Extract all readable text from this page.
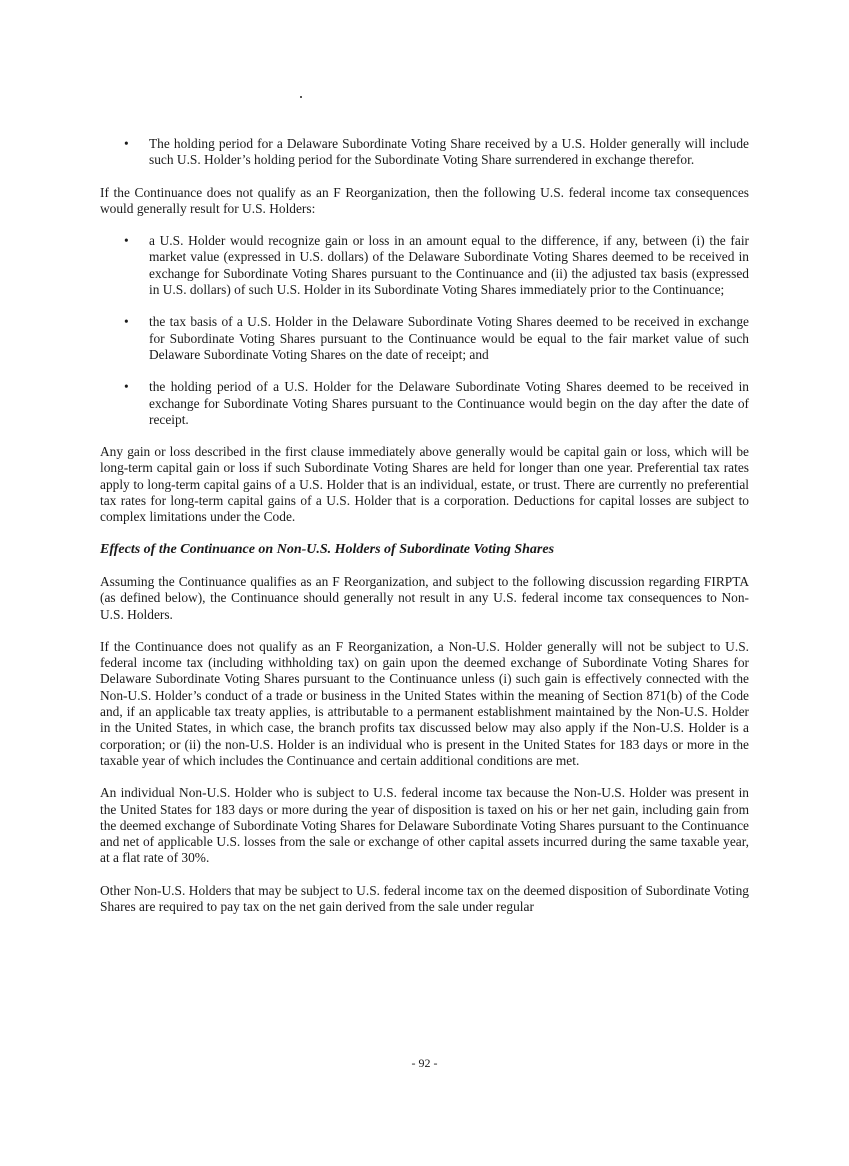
• The holding period for a Delaware Subordinate Voting Share received by a U.S. Holder generally will include such U.S. Holder’s holding period for the Subordinate Voting Share surrendered in exchange therefor.

If the Continuance does not qualify as an F Reorganization, then the following U.S. federal income tax consequences would generally result for U.S. Holders:

• a U.S. Holder would recognize gain or loss in an amount equal to the difference, if any, between (i) the fair market value (expressed in U.S. dollars) of the Delaware Subordinate Voting Shares deemed to be received in exchange for Subordinate Voting Shares pursuant to the Continuance and (ii) the adjusted tax basis (expressed in U.S. dollars) of such U.S. Holder in its Subordinate Voting Shares immediately prior to the Continuance;
• the tax basis of a U.S. Holder in the Delaware Subordinate Voting Shares deemed to be received in exchange for Subordinate Voting Shares pursuant to the Continuance would be equal to the fair market value of such Delaware Subordinate Voting Shares on the date of receipt; and
• the holding period of a U.S. Holder for the Delaware Subordinate Voting Shares deemed to be received in exchange for Subordinate Voting Shares pursuant to the Continuance would begin on the day after the date of receipt.

Any gain or loss described in the first clause immediately above generally would be capital gain or loss, which will be long-term capital gain or loss if such Subordinate Voting Shares are held for longer than one year. Preferential tax rates apply to long-term capital gains of a U.S. Holder that is an individual, estate, or trust. There are currently no preferential tax rates for long-term capital gains of a U.S. Holder that is a corporation. Deductions for capital losses are subject to complex limitations under the Code.

Effects of the Continuance on Non-U.S. Holders of Subordinate Voting Shares

Assuming the Continuance qualifies as an F Reorganization, and subject to the following discussion regarding FIRPTA (as defined below), the Continuance should generally not result in any U.S. federal income tax consequences to Non-U.S. Holders.

If the Continuance does not qualify as an F Reorganization, a Non-U.S. Holder generally will not be subject to U.S. federal income tax (including withholding tax) on gain upon the deemed exchange of Subordinate Voting Shares for Delaware Subordinate Voting Shares pursuant to the Continuance unless (i) such gain is effectively connected with the Non-U.S. Holder’s conduct of a trade or business in the United States within the meaning of Section 871(b) of the Code and, if an applicable tax treaty applies, is attributable to a permanent establishment maintained by the Non-U.S. Holder in the United States, in which case, the branch profits tax discussed below may also apply if the Non-U.S. Holder is a corporation; or (ii) the non-U.S. Holder is an individual who is present in the United States for 183 days or more in the taxable year of which includes the Continuance and certain additional conditions are met.

An individual Non-U.S. Holder who is subject to U.S. federal income tax because the Non-U.S. Holder was present in the United States for 183 days or more during the year of disposition is taxed on his or her net gain, including gain from the deemed exchange of Subordinate Voting Shares for Delaware Subordinate Voting Shares pursuant to the Continuance and net of applicable U.S. losses from the sale or exchange of other capital assets incurred during the same taxable year, at a flat rate of 30%.

Other Non-U.S. Holders that may be subject to U.S. federal income tax on the deemed disposition of Subordinate Voting Shares are required to pay tax on the net gain derived from the sale under regular

- 92 -
